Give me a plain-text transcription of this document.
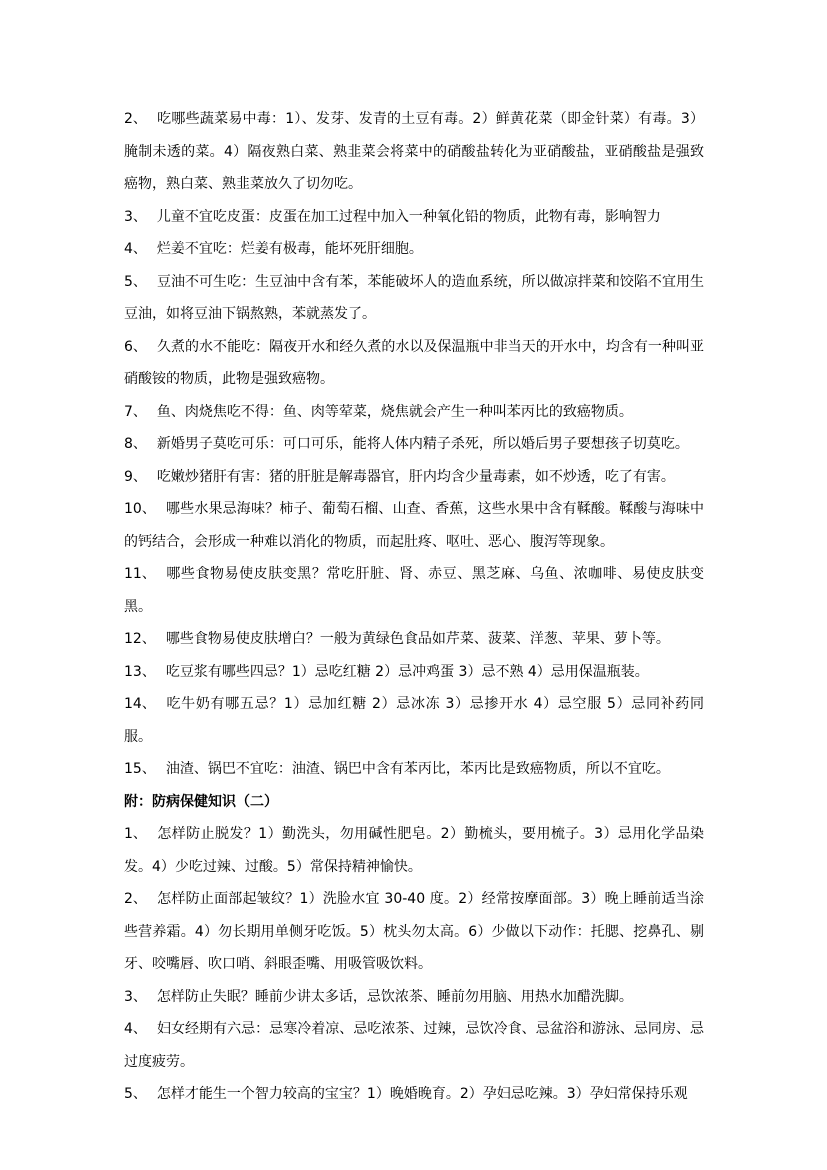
2、 吃哪些蔬菜易中毒：1）、发芽、发青的土豆有毒。2）鲜黄花菜（即金针菜）有毒。3）腌制未透的菜。4）隔夜熟白菜、熟韭菜会将菜中的硝酸盐转化为亚硝酸盐，亚硝酸盐是强致癌物，熟白菜、熟韭菜放久了切勿吃。

3、 儿童不宜吃皮蛋：皮蛋在加工过程中加入一种氧化铅的物质，此物有毒，影响智力

4、 烂姜不宜吃：烂姜有极毒，能坏死肝细胞。

5、 豆油不可生吃：生豆油中含有苯，苯能破坏人的造血系统，所以做凉拌菜和饺陷不宜用生豆油，如将豆油下锅熬熟，苯就蒸发了。

6、 久煮的水不能吃：隔夜开水和经久煮的水以及保温瓶中非当天的开水中，均含有一种叫亚硝酸铵的物质，此物是强致癌物。

7、 鱼、肉烧焦吃不得：鱼、肉等荤菜，烧焦就会产生一种叫苯丙比的致癌物质。

8、 新婚男子莫吃可乐：可口可乐，能将人体内精子杀死，所以婚后男子要想孩子切莫吃。

9、 吃嫩炒猪肝有害：猪的肝脏是解毒器官，肝内均含少量毒素，如不炒透，吃了有害。

10、 哪些水果忌海味？柿子、葡萄石榴、山查、香蕉，这些水果中含有鞣酸。鞣酸与海味中的钙结合，会形成一种难以消化的物质，而起肚疼、呕吐、恶心、腹泻等现象。

11、 哪些食物易使皮肤变黑？常吃肝脏、肾、赤豆、黑芝麻、乌鱼、浓咖啡、易使皮肤变黑。

12、 哪些食物易使皮肤增白？一般为黄绿色食品如芹菜、菠菜、洋葱、苹果、萝卜等。

13、 吃豆浆有哪些四忌？1）忌吃红糖 2）忌冲鸡蛋 3）忌不熟 4）忌用保温瓶装。

14、 吃牛奶有哪五忌？1）忌加红糖 2）忌冰冻 3）忌掺开水 4）忌空服 5）忌同补药同服。

15、 油渣、锅巴不宜吃：油渣、锅巴中含有苯丙比，苯丙比是致癌物质，所以不宜吃。

附：防病保健知识（二）

1、 怎样防止脱发？1）勤洗头，勿用碱性肥皂。2）勤梳头，要用梳子。3）忌用化学品染发。4）少吃过辣、过酸。5）常保持精神愉快。

2、 怎样防止面部起皱纹？1）洗脸水宜 30-40 度。2）经常按摩面部。3）晚上睡前适当涂些营养霜。4）勿长期用单侧牙吃饭。5）枕头勿太高。6）少做以下动作：托腮、挖鼻孔、剔牙、咬嘴唇、吹口哨、斜眼歪嘴、用吸管吸饮料。

3、 怎样防止失眠？睡前少讲太多话，忌饮浓茶、睡前勿用脑、用热水加醋洗脚。

4、 妇女经期有六忌：忌寒冷着凉、忌吃浓茶、过辣，忌饮冷食、忌盆浴和游泳、忌同房、忌过度疲劳。

5、 怎样才能生一个智力较高的宝宝？1）晚婚晚育。2）孕妇忌吃辣。3）孕妇常保持乐观
